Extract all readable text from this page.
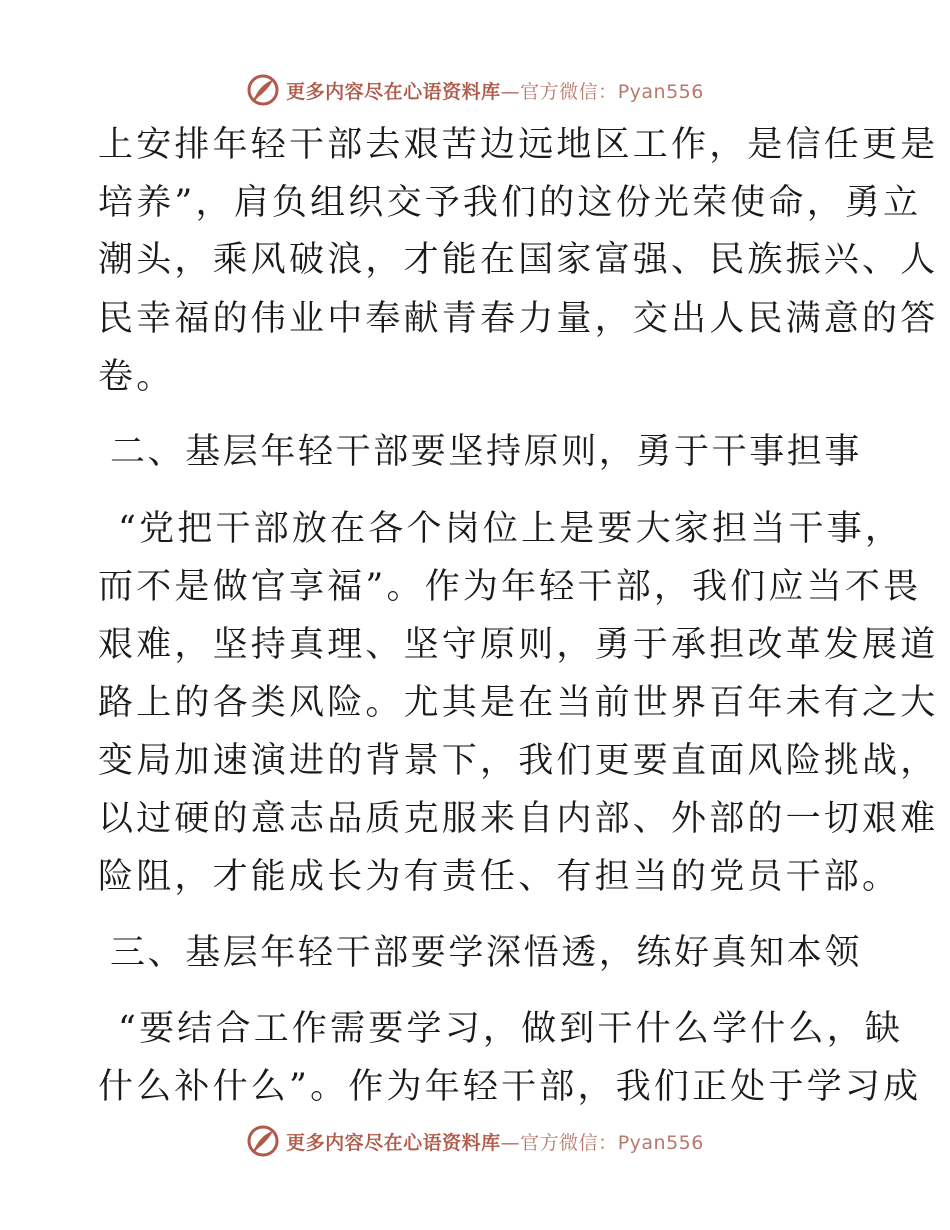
更多内容尽在心语资料库—官方微信：Pyan556
上安排年轻干部去艰苦边远地区工作，是信任更是
培养”，肩负组织交予我们的这份光荣使命，勇立
潮头，乘风破浪，才能在国家富强、民族振兴、人
民幸福的伟业中奉献青春力量，交出人民满意的答
卷。
二、基层年轻干部要坚持原则，勇于干事担事
“党把干部放在各个岗位上是要大家担当干事，
而不是做官享福”。作为年轻干部，我们应当不畏
艰难，坚持真理、坚守原则，勇于承担改革发展道
路上的各类风险。尤其是在当前世界百年未有之大
变局加速演进的背景下，我们更要直面风险挑战，
以过硬的意志品质克服来自内部、外部的一切艰难
险阻，才能成长为有责任、有担当的党员干部。
三、基层年轻干部要学深悟透，练好真知本领
“要结合工作需要学习，做到干什么学什么，缺
什么补什么”。作为年轻干部，我们正处于学习成
更多内容尽在心语资料库—官方微信：Pyan556
